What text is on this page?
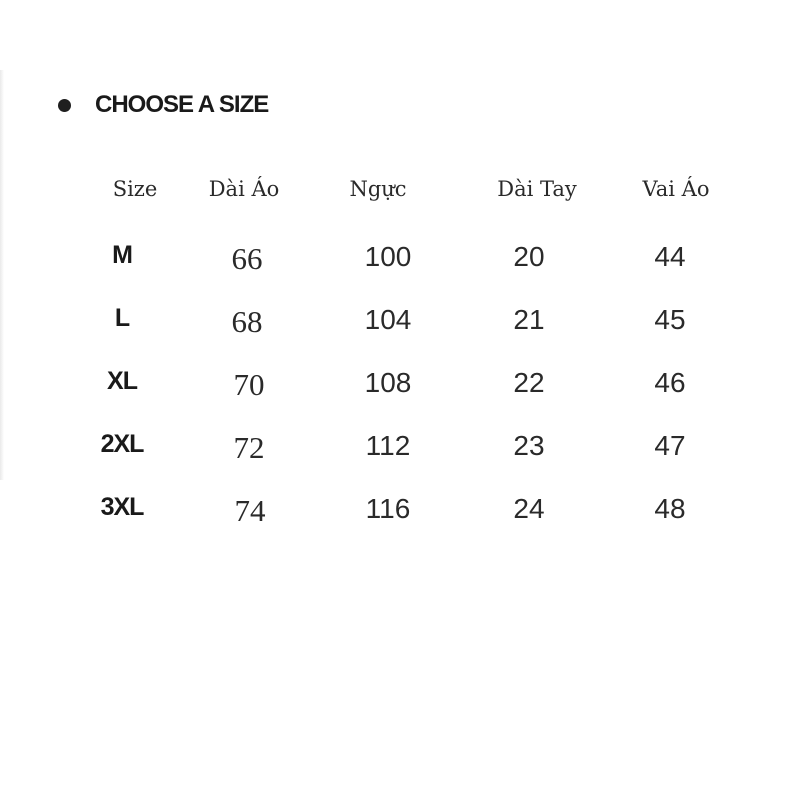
CHOOSE A SIZE
Size	Dài Áo	Ngực	Dài Tay	Vai Áo
M	66	100	20	44
L	68	104	21	45
XL	70	108	22	46
2XL	72	112	23	47
3XL	74	116	24	48
